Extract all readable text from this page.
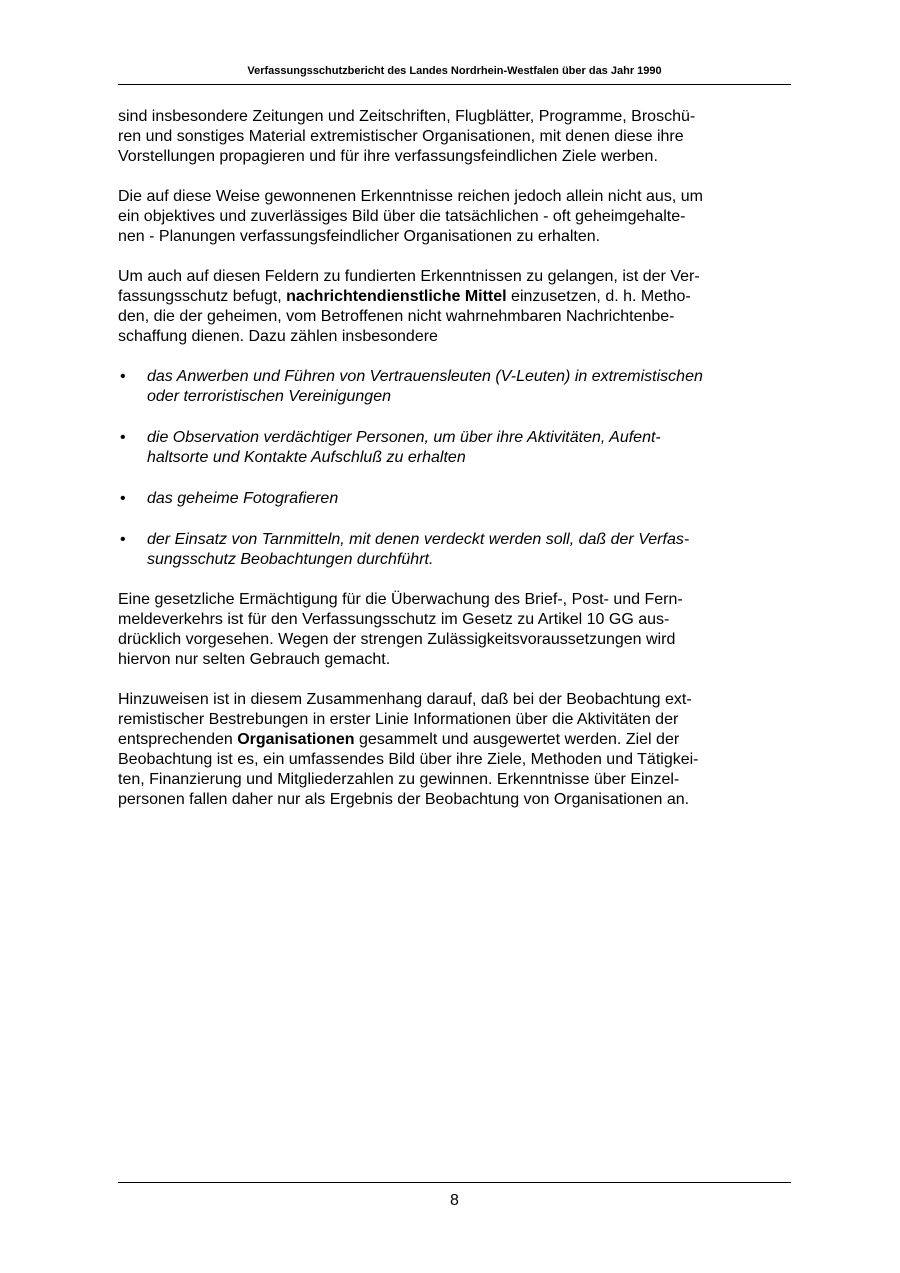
Verfassungsschutzbericht des Landes Nordrhein-Westfalen über das Jahr 1990

sind insbesondere Zeitungen und Zeitschriften, Flugblätter, Programme, Broschü-
ren und sonstiges Material extremistischer Organisationen, mit denen diese ihre
Vorstellungen propagieren und für ihre verfassungsfeindlichen Ziele werben.

Die auf diese Weise gewonnenen Erkenntnisse reichen jedoch allein nicht aus, um
ein objektives und zuverlässiges Bild über die tatsächlichen - oft geheimgehalte-
nen - Planungen verfassungsfeindlicher Organisationen zu erhalten.

Um auch auf diesen Feldern zu fundierten Erkenntnissen zu gelangen, ist der Ver-
fassungsschutz befugt, nachrichtendienstliche Mittel einzusetzen, d. h. Metho-
den, die der geheimen, vom Betroffenen nicht wahrnehmbaren Nachrichtenbe-
schaffung dienen. Dazu zählen insbesondere

• das Anwerben und Führen von Vertrauensleuten (V-Leuten) in extremistischen
oder terroristischen Vereinigungen
• die Observation verdächtiger Personen, um über ihre Aktivitäten, Aufent-
haltsorte und Kontakte Aufschluß zu erhalten
• das geheime Fotografieren
• der Einsatz von Tarnmitteln, mit denen verdeckt werden soll, daß der Verfas-
sungsschutz Beobachtungen durchführt.

Eine gesetzliche Ermächtigung für die Überwachung des Brief-, Post- und Fern-
meldeverkehrs ist für den Verfassungsschutz im Gesetz zu Artikel 10 GG aus-
drücklich vorgesehen. Wegen der strengen Zulässigkeitsvoraussetzungen wird
hiervon nur selten Gebrauch gemacht.

Hinzuweisen ist in diesem Zusammenhang darauf, daß bei der Beobachtung ext-
remistischer Bestrebungen in erster Linie Informationen über die Aktivitäten der
entsprechenden Organisationen gesammelt und ausgewertet werden. Ziel der
Beobachtung ist es, ein umfassendes Bild über ihre Ziele, Methoden und Tätigkei-
ten, Finanzierung und Mitgliederzahlen zu gewinnen. Erkenntnisse über Einzel-
personen fallen daher nur als Ergebnis der Beobachtung von Organisationen an.

8
